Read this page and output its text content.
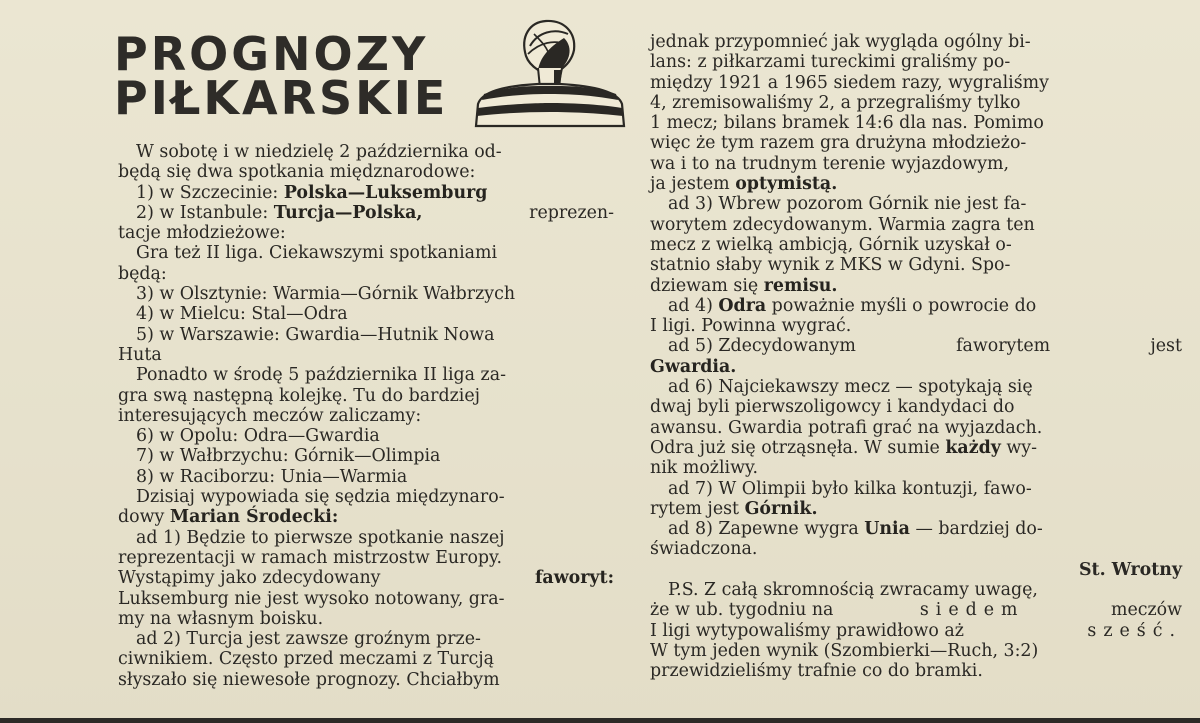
PROGNOZY
PIŁKARSKIE
W sobotę i w niedzielę 2 października od-
będą się dwa spotkania międznarodowe:
1) w Szczecinie: Polska—Luksemburg
2) w Istanbule: Turcja—Polska,	reprezen-
tacje młodzieżowe:
Gra też II liga. Ciekawszymi spotkaniami
będą:
3) w Olsztynie: Warmia—Górnik Wałbrzych
4) w Mielcu: Stal—Odra
5) w Warszawie: Gwardia—Hutnik Nowa
Huta
Ponadto w środę 5 października II liga za-
gra swą następną kolejkę. Tu do bardziej
interesujących meczów zaliczamy:
6) w Opolu: Odra—Gwardia
7) w Wałbrzychu: Górnik—Olimpia
8) w Raciborzu: Unia—Warmia
Dzisiaj wypowiada się sędzia międzynaro-
dowy Marian Środecki:
ad 1) Będzie to pierwsze spotkanie naszej
reprezentacji w ramach mistrzostw Europy.
Wystąpimy jako zdecydowany	faworyt:
Luksemburg nie jest wysoko notowany, gra-
my na własnym boisku.
ad 2) Turcja jest zawsze groźnym prze-
ciwnikiem. Często przed meczami z Turcją
słyszało się niewesołe prognozy. Chciałbym
jednak przypomnieć jak wygląda ogólny bi-
lans: z piłkarzami tureckimi graliśmy po-
między 1921 a 1965 siedem razy, wygraliśmy
4, zremisowaliśmy 2, a przegraliśmy tylko
1 mecz; bilans bramek 14:6 dla nas. Pomimo
więc że tym razem gra drużyna młodzieżo-
wa i to na trudnym terenie wyjazdowym,
ja jestem optymistą.
ad 3) Wbrew pozorom Górnik nie jest fa-
worytem zdecydowanym. Warmia zagra ten
mecz z wielką ambicją, Górnik uzyskał o-
statnio słaby wynik z MKS w Gdyni. Spo-
dziewam się remisu.
ad 4) Odra poważnie myśli o powrocie do
I ligi. Powinna wygrać.
ad 5) Zdecydowanym	faworytem	jest
Gwardia.
ad 6) Najciekawszy mecz — spotykają się
dwaj byli pierwszoligowcy i kandydaci do
awansu. Gwardia potrafi grać na wyjazdach.
Odra już się otrząsnęła. W sumie każdy wy-
nik możliwy.
ad 7) W Olimpii było kilka kontuzji, fawo-
rytem jest Górnik.
ad 8) Zapewne wygra Unia — bardziej do-
świadczona.
St. Wrotny
P.S. Z całą skromnością zwracamy uwagę,
że w ub. tygodniu na	siedem	meczów
I ligi wytypowaliśmy prawidłowo aż	sześć.
W tym jeden wynik (Szombierki—Ruch, 3:2)
przewidzieliśmy trafnie co do bramki.
